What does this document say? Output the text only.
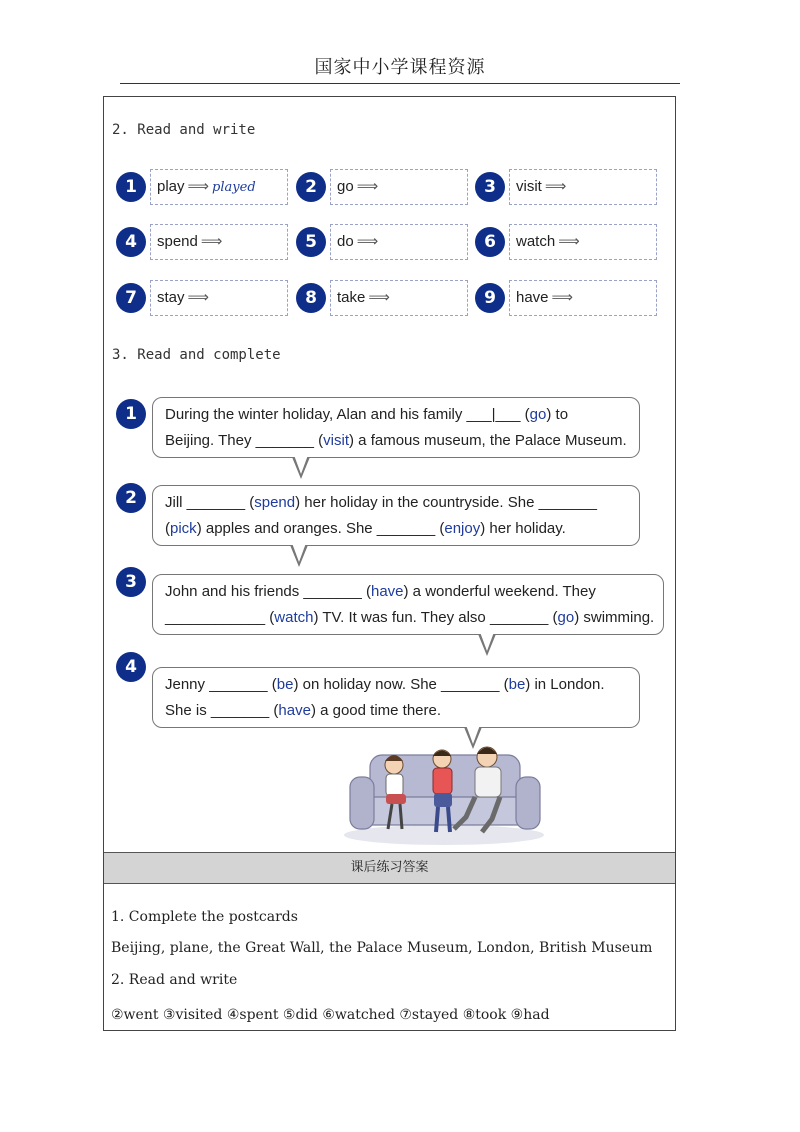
国家中小学课程资源
2. Read and write
1	play ⟹ played	2	go ⟹	3	visit ⟹
4	spend ⟹	5	do ⟹	6	watch ⟹
7	stay ⟹	8	take ⟹	9	have ⟹
3. Read and complete
1	During the winter holiday, Alan and his family ___|___ (go) to
Beijing. They _______ (visit) a famous museum, the Palace Museum.
2	Jill _______ (spend) her holiday in the countryside. She _______
(pick) apples and oranges. She _______ (enjoy) her holiday.
3	John and his friends _______ (have) a wonderful weekend. They
____________ (watch) TV. It was fun. They also _______ (go) swimming.
4
Jenny _______ (be) on holiday now. She _______ (be) in London.
She is _______ (have) a good time there.
课后练习答案
1. Complete the postcards
Beijing, plane, the Great Wall, the Palace Museum, London, British Museum
2. Read and write
②went ③visited ④spent ⑤did ⑥watched ⑦stayed ⑧took ⑨had
